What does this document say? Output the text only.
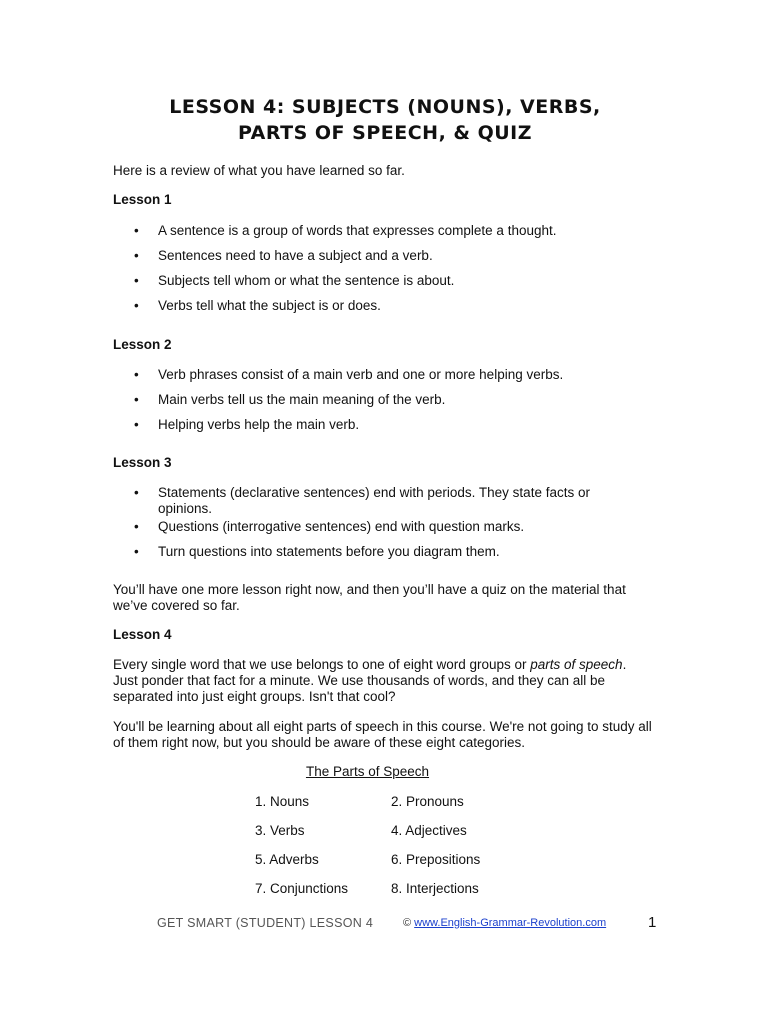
LESSON 4: SUBJECTS (NOUNS), VERBS,
PARTS OF SPEECH, & QUIZ
Here is a review of what you have learned so far.
Lesson 1
• A sentence is a group of words that expresses complete a thought.
• Sentences need to have a subject and a verb.
• Subjects tell whom or what the sentence is about.
• Verbs tell what the subject is or does.
Lesson 2
• Verb phrases consist of a main verb and one or more helping verbs.
• Main verbs tell us the main meaning of the verb.
• Helping verbs help the main verb.
Lesson 3
• Statements (declarative sentences) end with periods. They state facts or opinions.
• Questions (interrogative sentences) end with question marks.
• Turn questions into statements before you diagram them.
You’ll have one more lesson right now, and then you’ll have a quiz on the material that we’ve covered so far.
Lesson 4
Every single word that we use belongs to one of eight word groups or parts of speech. Just ponder that fact for a minute. We use thousands of words, and they can all be separated into just eight groups. Isn't that cool?
You'll be learning about all eight parts of speech in this course. We're not going to study all of them right now, but you should be aware of these eight categories.
The Parts of Speech
1. Nouns	2. Pronouns
3. Verbs	4. Adjectives
5. Adverbs	6. Prepositions
7. Conjunctions	8. Interjections
GET SMART (STUDENT) LESSON 4	© www.English-Grammar-Revolution.com	1
